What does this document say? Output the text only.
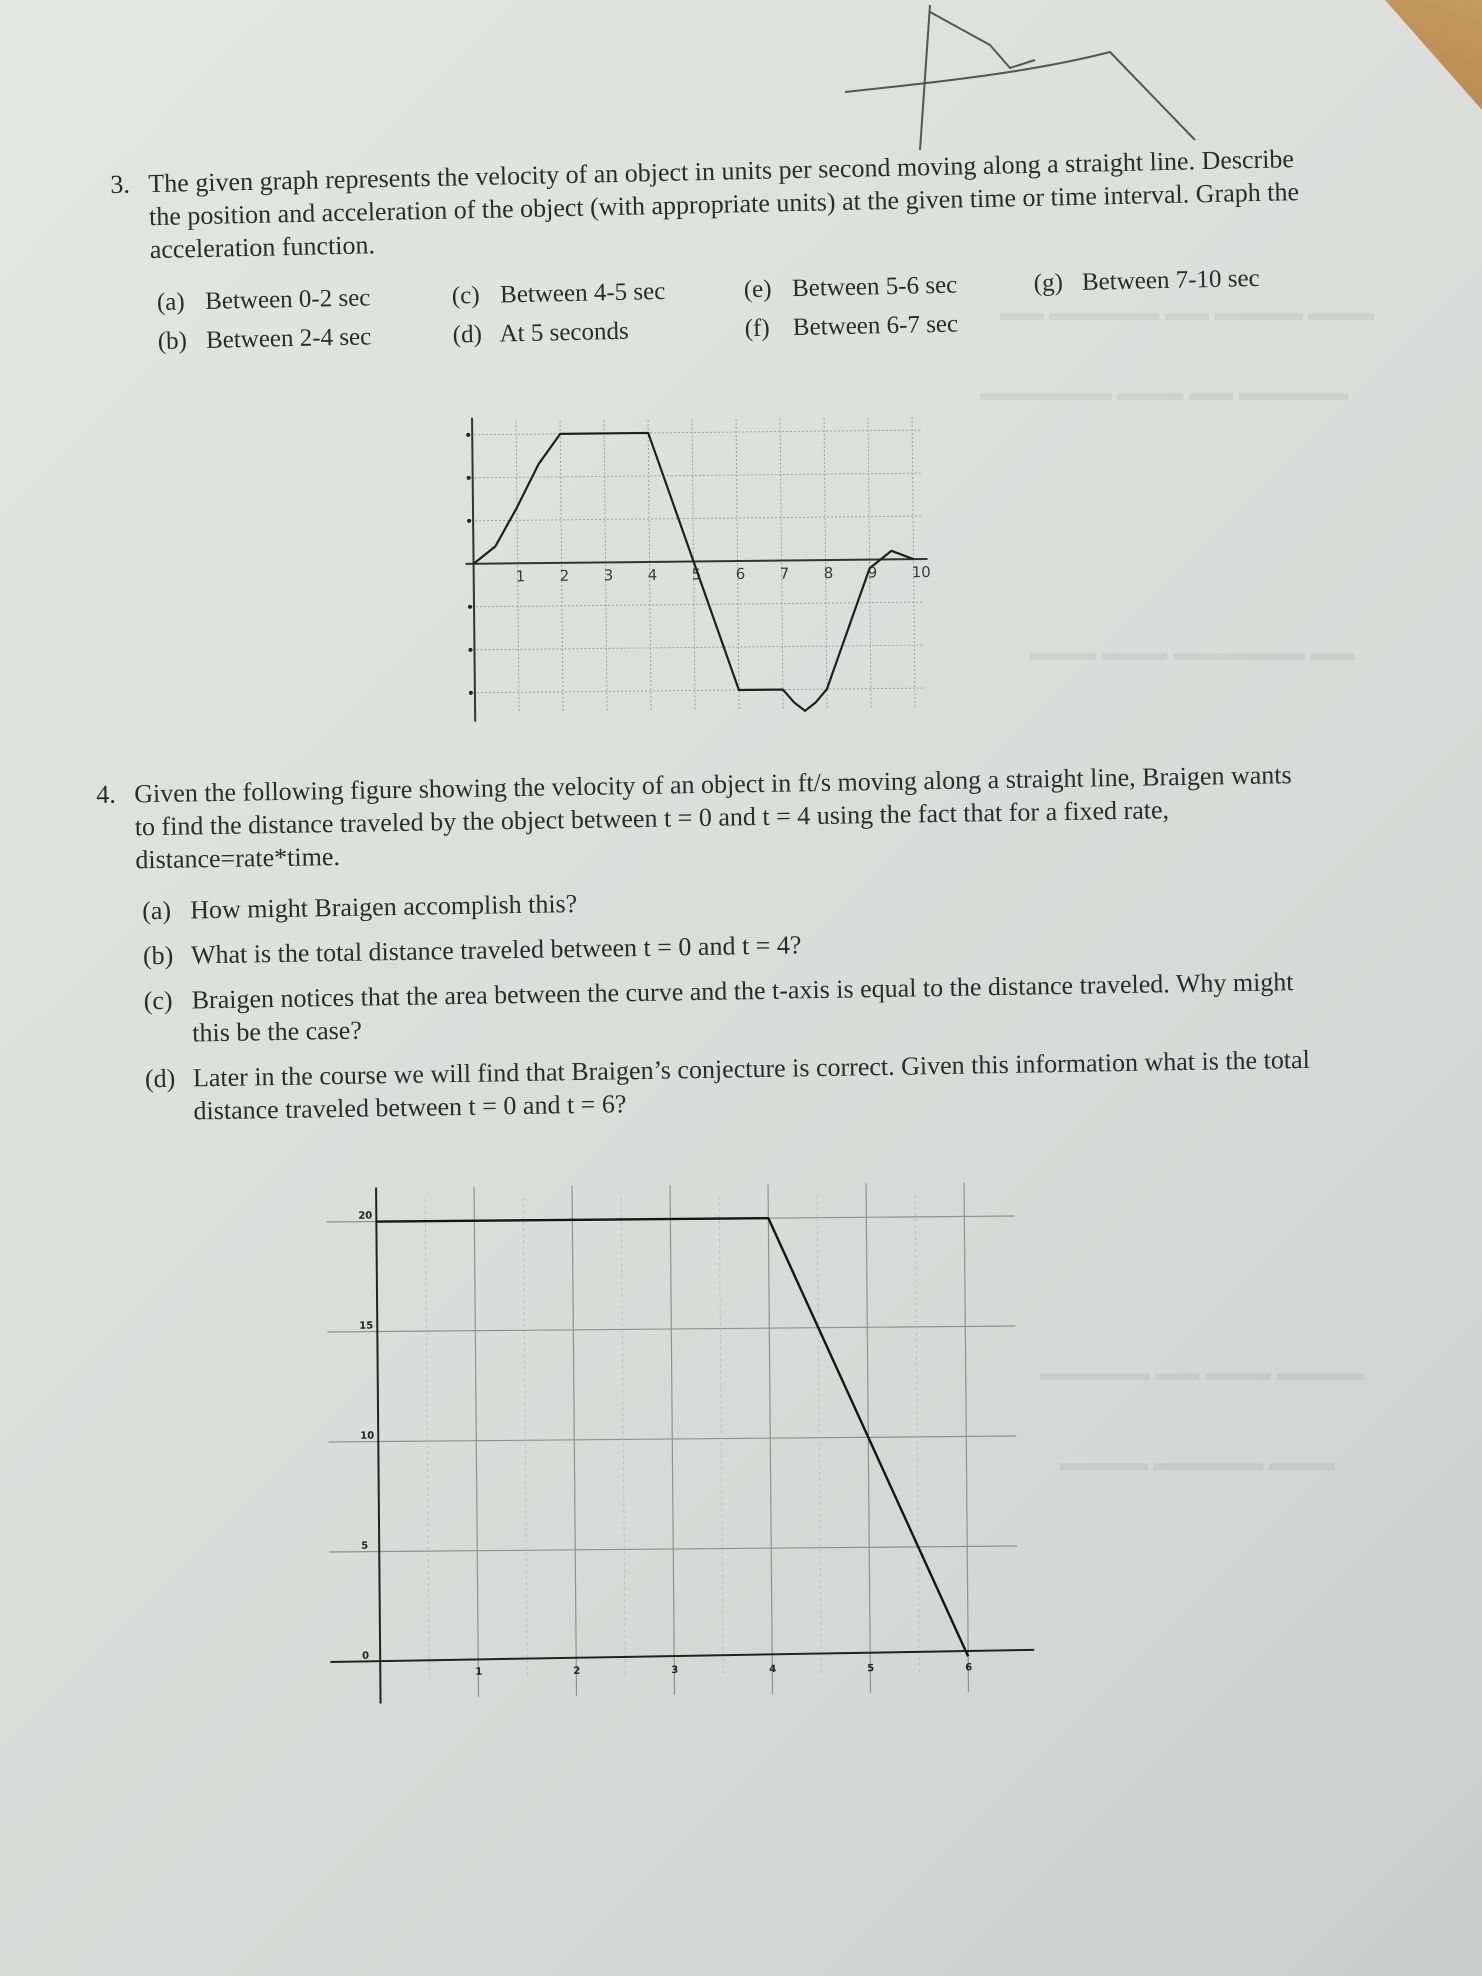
3. The given graph represents the velocity of an object in units per second moving along a straight line. Describe the position and acceleration of the object (with appropriate units) at the given time or time interval. Graph the acceleration function.
(a) Between 0-2 sec	(c) Between 4-5 sec	(e) Between 5-6 sec	(g) Between 7-10 sec
(b) Between 2-4 sec	(d) At 5 seconds	(f) Between 6-7 sec
1 2 3 4 5 6 7 8 9 10
4. Given the following figure showing the velocity of an object in ft/s moving along a straight line, Braigen wants to find the distance traveled by the object between t = 0 and t = 4 using the fact that for a fixed rate, distance=rate*time.
(a) How might Braigen accomplish this?
(b) What is the total distance traveled between t = 0 and t = 4?
(c) Braigen notices that the area between the curve and the t-axis is equal to the distance traveled. Why might this be the case?
(d) Later in the course we will find that Braigen’s conjecture is correct. Given this information what is the total distance traveled between t = 0 and t = 6?
20
15
10
5
0
1	2	3	4	5	6
